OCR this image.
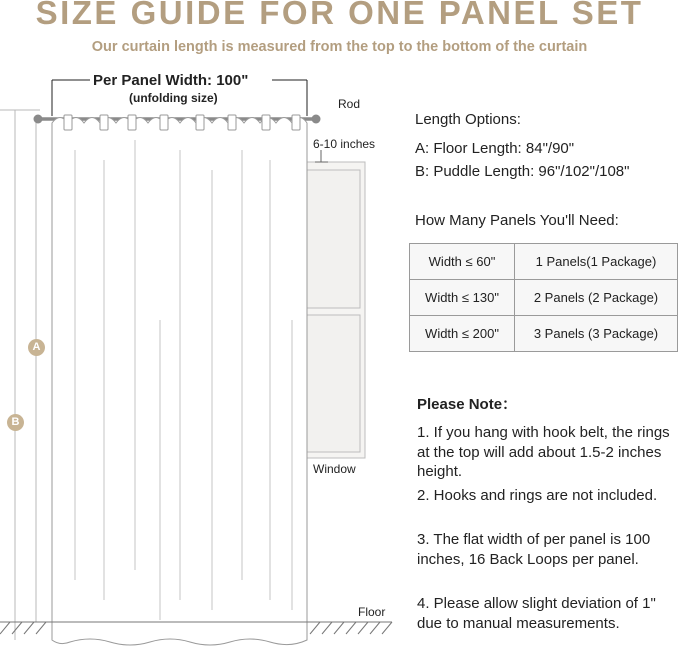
SIZE GUIDE FOR ONE PANEL SET
Our curtain length is measured from the top to the bottom of the curtain
Per Panel Width: 100"
(unfolding size)	Rod
6-10 inches
Window
Floor
A
B
Length Options:
A: Floor Length: 84"/90"
B: Puddle Length: 96"/102"/108"
How Many Panels You'll Need:
Width ≤ 60"	1 Panels(1 Package)
Width ≤ 130"	2 Panels (2 Package)
Width ≤ 200"	3 Panels (3 Package)
Please Note：
1. If you hang with hook belt, the rings at the top will add about 1.5-2 inches height.
2. Hooks and rings are not included.
3. The flat width of per panel is 100 inches, 16 Back Loops per panel.
4. Please allow slight deviation of 1" due to manual measurements.
